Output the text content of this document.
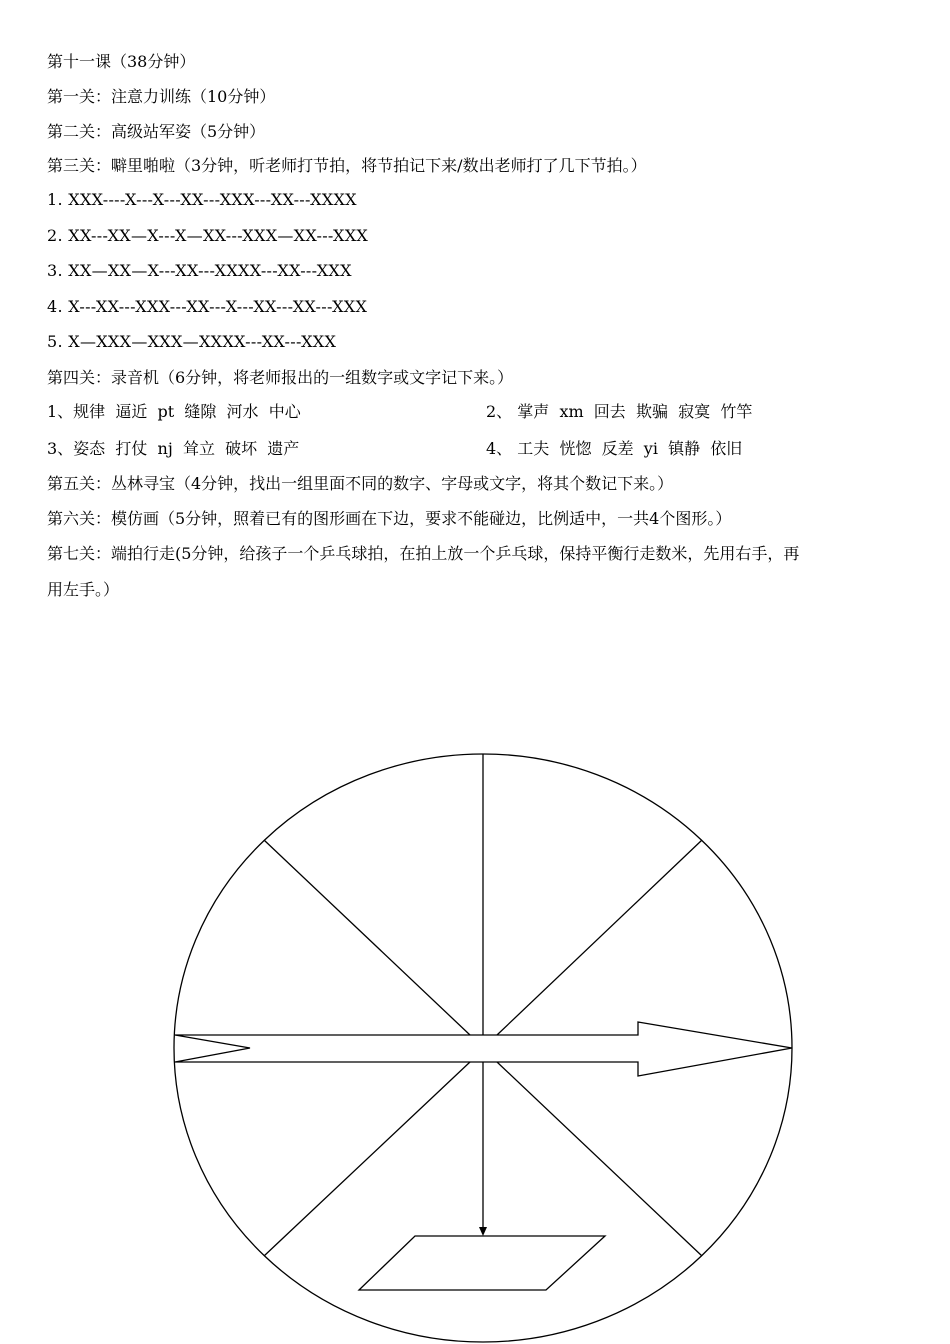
第十一课（38分钟）
第一关：注意力训练（10分钟）
第二关：高级站军姿（5分钟）
第三关：噼里啪啦（3分钟，听老师打节拍，将节拍记下来/数出老师打了几下节拍。）
1. XXX----X---X---XX---XXX---XX---XXXX
2. XX---XX—X---X—XX---XXX—XX---XXX
3. XX—XX—X---XX---XXXX---XX---XXX
4. X---XX---XXX---XX---X---XX---XX---XXX
5. X—XXX—XXX—XXXX---XX---XXX
第四关：录音机（6分钟，将老师报出的一组数字或文字记下来。）
1、规律  逼近  pt  缝隙  河水  中心	2、 掌声  xm  回去  欺骗  寂寞  竹竿
3、姿态  打仗  nj  耸立  破坏  遗产	4、 工夫  恍惚  反差  yi  镇静  依旧
第五关：丛林寻宝（4分钟，找出一组里面不同的数字、字母或文字，将其个数记下来。）
第六关：模仿画（5分钟，照着已有的图形画在下边，要求不能碰边，比例适中，一共4个图形。）
第七关：端拍行走(5分钟，给孩子一个乒乓球拍，在拍上放一个乒乓球，保持平衡行走数米，先用右手，再
用左手。）
